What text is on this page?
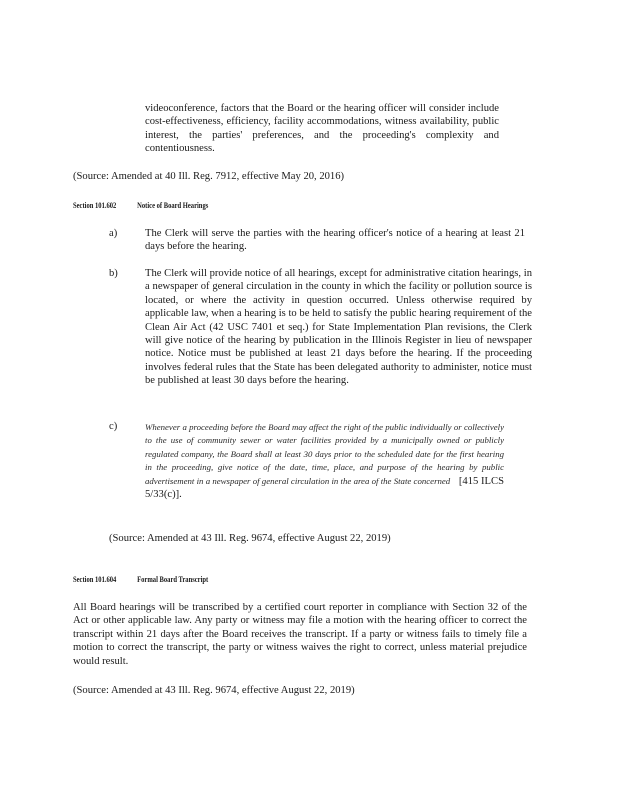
videoconference, factors that the Board or the hearing officer will consider include cost-effectiveness, efficiency, facility accommodations, witness availability, public interest, the parties' preferences, and the proceeding's complexity and contentiousness.
(Source: Amended at 40 Ill. Reg. 7912, effective May 20, 2016)
Section 101.602	Notice of Board Hearings
a)	The Clerk will serve the parties with the hearing officer's notice of a hearing at least 21 days before the hearing.
b)	The Clerk will provide notice of all hearings, except for administrative citation hearings, in a newspaper of general circulation in the county in which the facility or pollution source is located, or where the activity in question occurred. Unless otherwise required by applicable law, when a hearing is to be held to satisfy the public hearing requirement of the Clean Air Act (42 USC 7401 et seq.) for State Implementation Plan revisions, the Clerk will give notice of the hearing by publication in the Illinois Register in lieu of newspaper notice. Notice must be published at least 21 days before the hearing. If the proceeding involves federal rules that the State has been delegated authority to administer, notice must be published at least 30 days before the hearing.
c)	Whenever a proceeding before the Board may affect the right of the public individually or collectively to the use of community sewer or water facilities provided by a municipally owned or publicly regulated company, the Board shall at least 30 days prior to the scheduled date for the first hearing in the proceeding, give notice of the date, time, place, and purpose of the hearing by public advertisement in a newspaper of general circulation in the area of the State concerned [415 ILCS 5/33(c)].
(Source: Amended at 43 Ill. Reg. 9674, effective August 22, 2019)
Section 101.604	Formal Board Transcript
All Board hearings will be transcribed by a certified court reporter in compliance with Section 32 of the Act or other applicable law. Any party or witness may file a motion with the hearing officer to correct the transcript within 21 days after the Board receives the transcript. If a party or witness fails to timely file a motion to correct the transcript, the party or witness waives the right to correct, unless material prejudice would result.
(Source: Amended at 43 Ill. Reg. 9674, effective August 22, 2019)
